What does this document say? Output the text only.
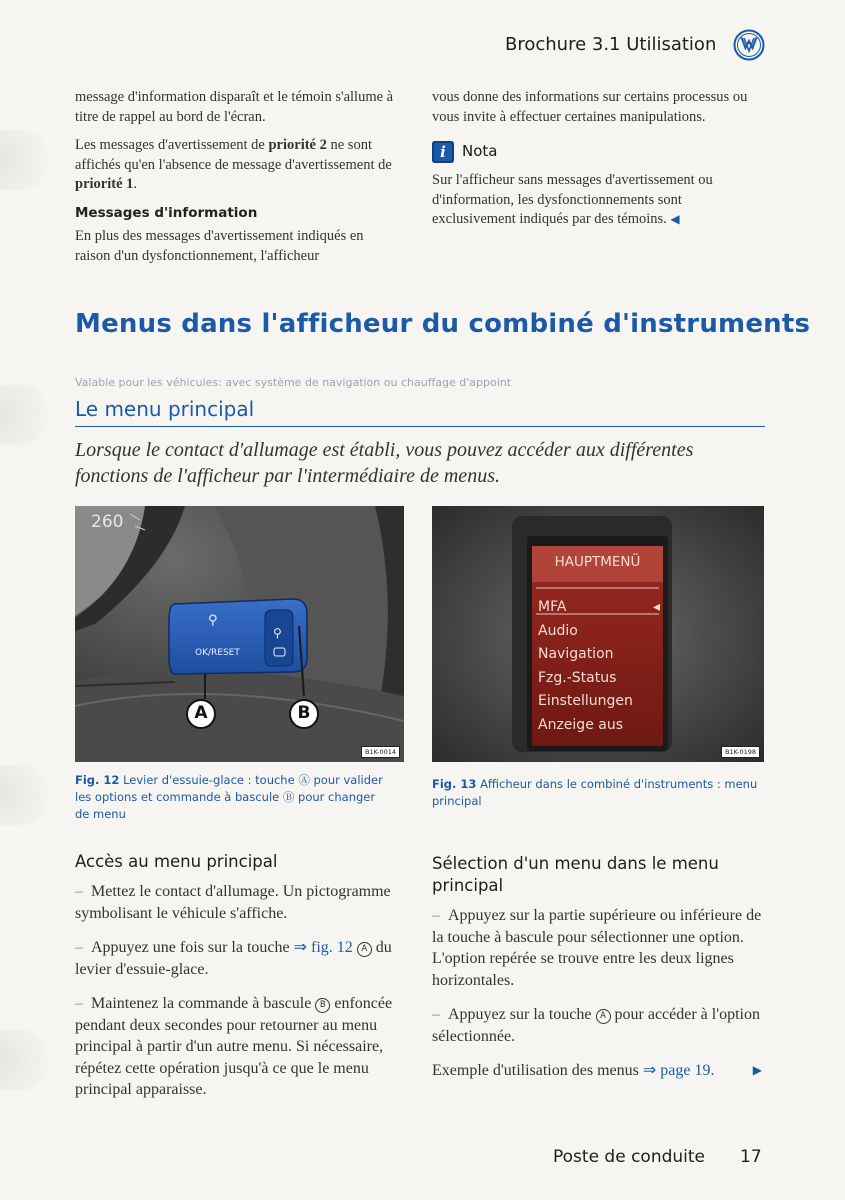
Brochure 3.1 Utilisation

message d'information disparaît et le témoin s'allume à titre de rappel au bord de l'écran.

Les messages d'avertissement de priorité 2 ne sont affichés qu'en l'absence de message d'avertissement de priorité 1.

Messages d'information

En plus des messages d'avertissement indiqués en raison d'un dysfonctionnement, l'afficheur

vous donne des informations sur certains processus ou vous invite à effectuer certaines manipulations.

i	Nota

Sur l'afficheur sans messages d'avertissement ou d'information, les dysfonctionnements sont exclusivement indiqués par des témoins. ◀

Menus dans l'afficheur du combiné d'instruments
Valable pour les véhicules: avec système de navigation ou chauffage d'appoint
Le menu principal
Lorsque le contact d'allumage est établi, vous pouvez accéder aux différentes fonctions de l'afficheur par l'intermédiaire de menus.
⚲
⚲
260
OK/RESET
A	B
B1K-0014
Fig. 12 Levier d'essuie-glace : touche Ⓐ pour valider les options et commande à bascule Ⓑ pour changer de menu
HAUPTMENÜ
MFA	◂
Audio
Navigation
Fzg.-Status
Einstellungen
Anzeige aus
B1K-0198
Fig. 13 Afficheur dans le combiné d'instruments : menu principal
Accès au menu principal

–  Mettez le contact d'allumage. Un pictogramme symbolisant le véhicule s'affiche.

–  Appuyez une fois sur la touche ⇒ fig. 12 A du levier d'essuie-glace.

–  Maintenez la commande à bascule B enfoncée pendant deux secondes pour retourner au menu principal à partir d'un autre menu. Si nécessaire, répétez cette opération jusqu'à ce que le menu principal apparaisse.

Sélection d'un menu dans le menu principal

–  Appuyez sur la partie supérieure ou inférieure de la touche à bascule pour sélectionner une option. L'option repérée se trouve entre les deux lignes horizontales.

–  Appuyez sur la touche A pour accéder à l'option sélectionnée.

Exemple d'utilisation des menus ⇒ page 19.	▶

Poste de conduite 17
